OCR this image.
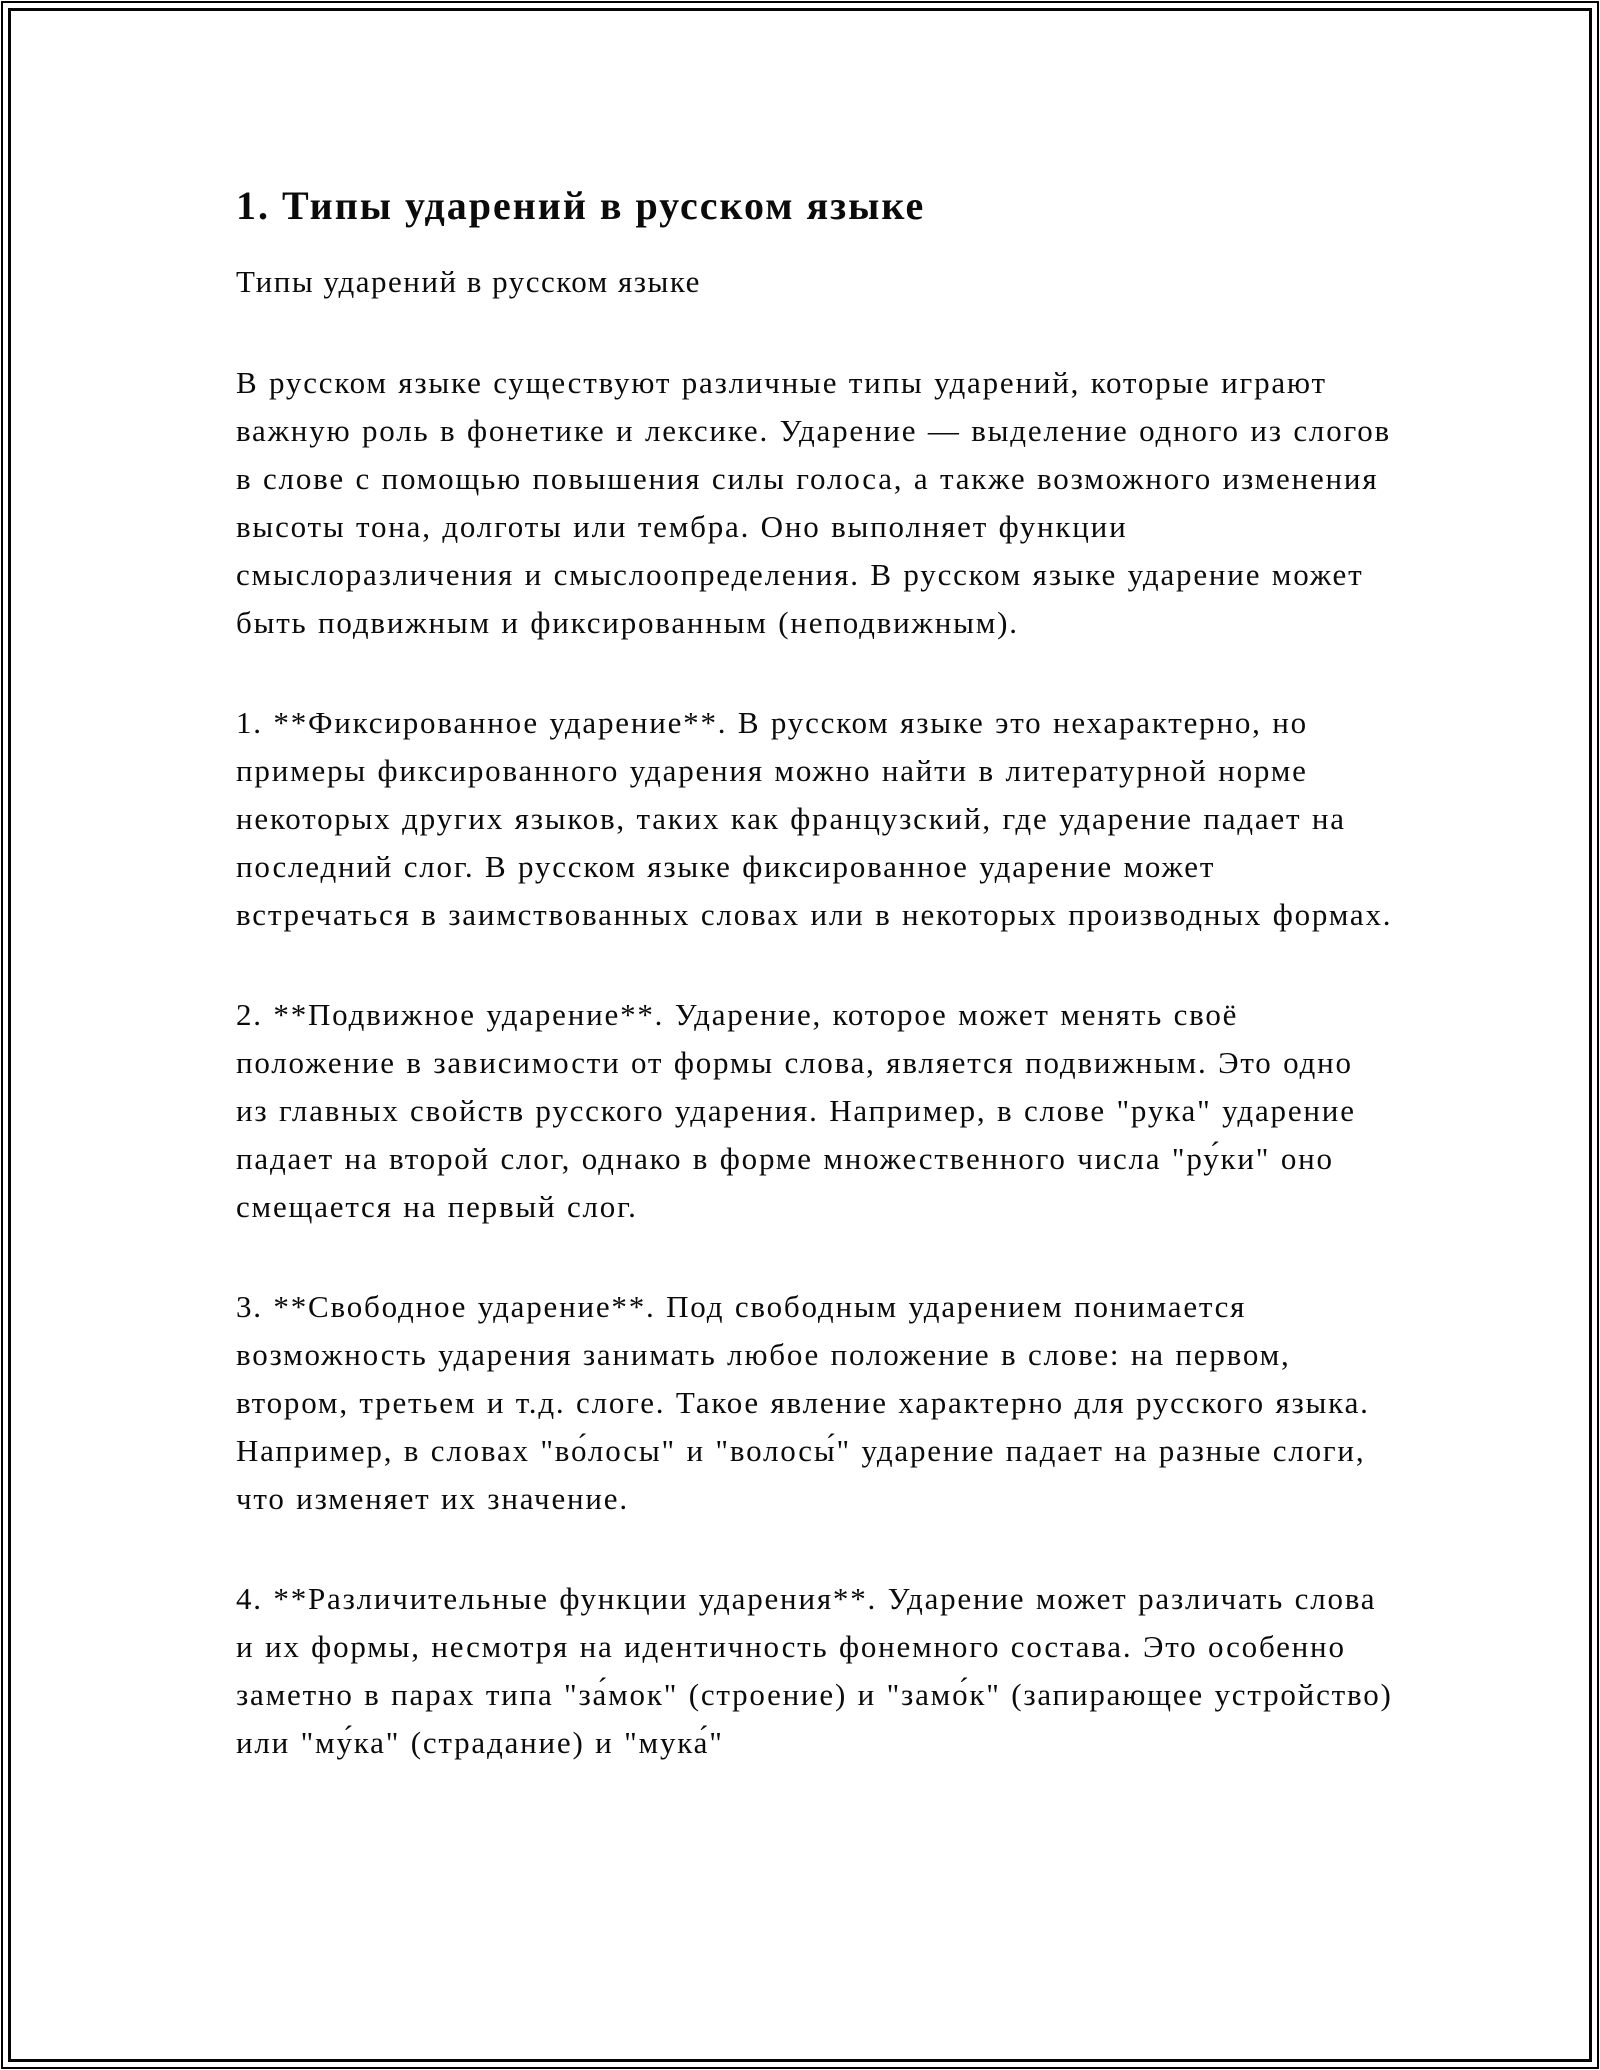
1. Типы ударений в русском языке

Типы ударений в русском языке

В русском языке существуют различные типы ударений, которые играют важную роль в фонетике и лексике. Ударение — выделение одного из слогов в слове с помощью повышения силы голоса, а также возможного изменения высоты тона, долготы или тембра. Оно выполняет функции смыслоразличения и смыслоопределения. В русском языке ударение может быть подвижным и фиксированным (неподвижным).

1. **Фиксированное ударение**. В русском языке это нехарактерно, но примеры фиксированного ударения можно найти в литературной норме некоторых других языков, таких как французский, где ударение падает на последний слог. В русском языке фиксированное ударение может встречаться в заимствованных словах или в некоторых производных формах.

2. **Подвижное ударение**. Ударение, которое может менять своё положение в зависимости от формы слова, является подвижным. Это одно из главных свойств русского ударения. Например, в слове "рука" ударение падает на второй слог, однако в форме множественного числа "ру́ки" оно смещается на первый слог.

3. **Свободное ударение**. Под свободным ударением понимается возможность ударения занимать любое положение в слове: на первом, втором, третьем и т.д. слоге. Такое явление характерно для русского языка. Например, в словах "во́лосы" и "волосы́" ударение падает на разные слоги, что изменяет их значение.

4. **Различительные функции ударения**. Ударение может различать слова и их формы, несмотря на идентичность фонемного состава. Это особенно заметно в парах типа "за́мок" (строение) и "замо́к" (запирающее устройство) или "му́ка" (страдание) и "мука́"
